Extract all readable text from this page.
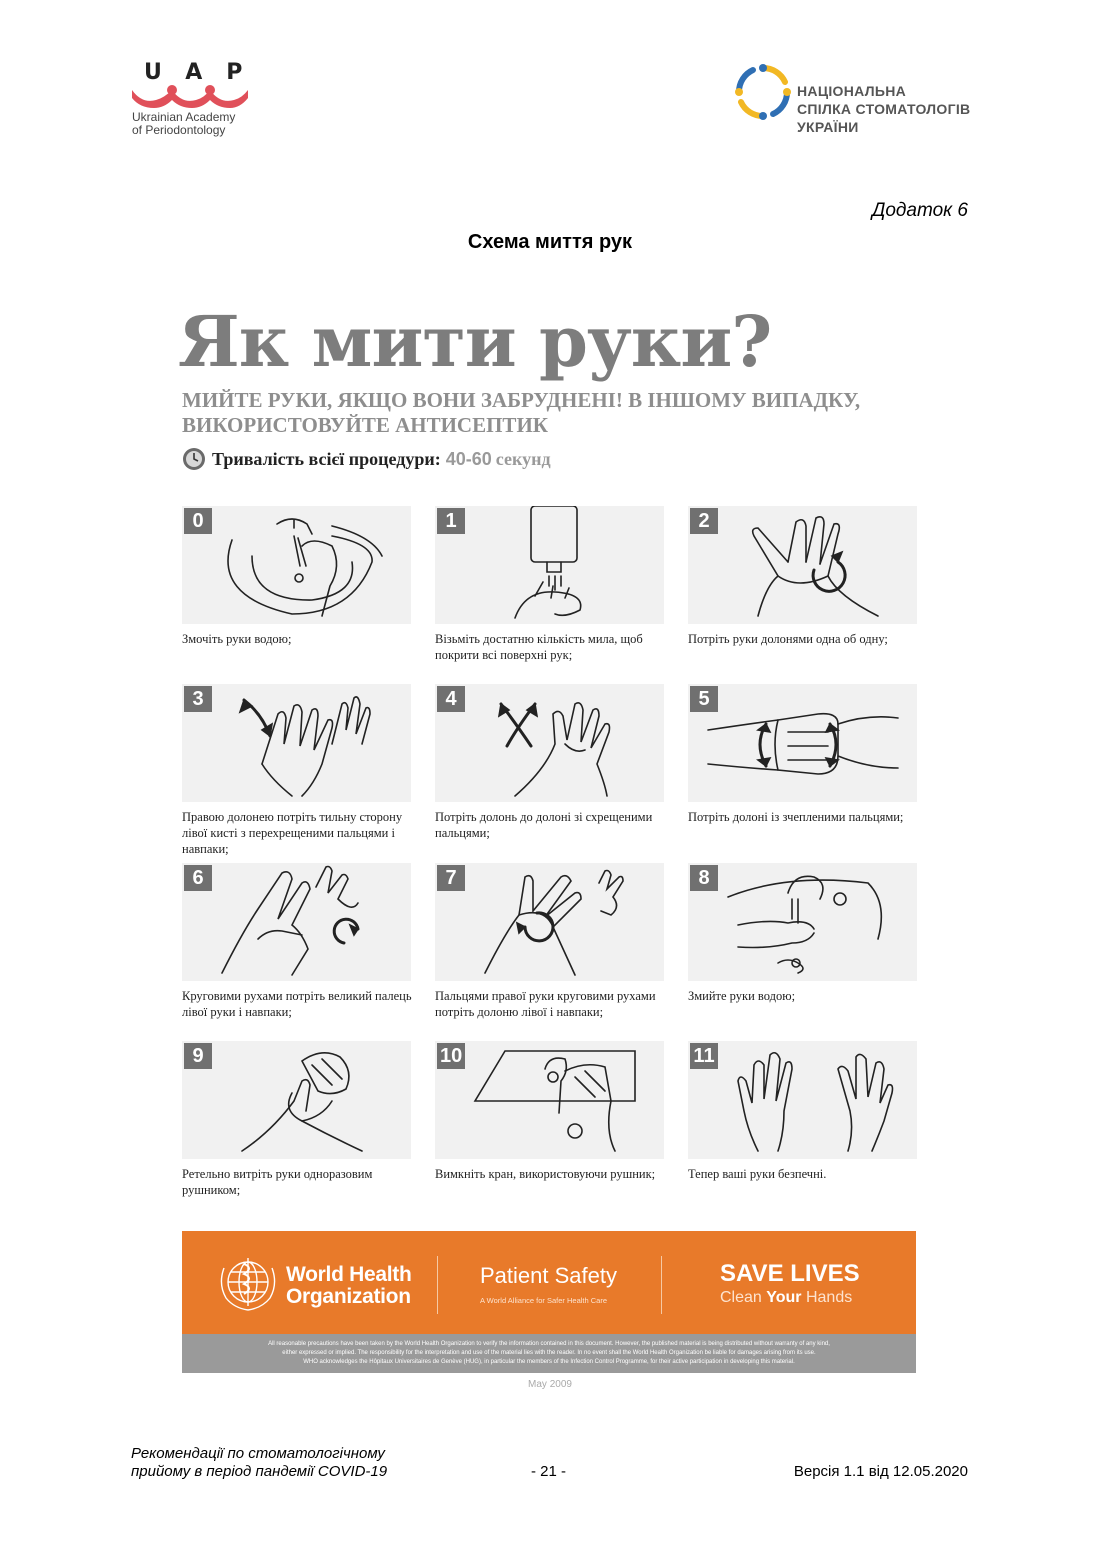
UAP
Ukrainian Academy
of Periodontology
НАЦІОНАЛЬНА
СПІЛКА СТОМАТОЛОГІВ
УКРАЇНИ
Додаток 6
Схема миття рук
Як мити руки?
МИЙТЕ РУКИ, ЯКЩО ВОНИ ЗАБРУДНЕНІ! В ІНШОМУ ВИПАДКУ, ВИКОРИСТОВУЙТЕ АНТИСЕПТИК
Тривалість всієї процедури: 40-60 секунд
0
Змочіть руки водою;
1
Візьміть достатню кількість мила, щоб покрити всі поверхні рук;
2
Потріть руки долонями одна об одну;
3
Правою долонею потріть тильну сторону лівої кисті з перехрещеними пальцями і навпаки;
4
Потріть долонь до долоні зі схрещеними пальцями;
5
Потріть долоні із зчепленими пальцями;
6
Круговими рухами потріть великий палець лівої руки і навпаки;
7
Пальцями правої руки круговими рухами потріть долоню лівої і навпаки;
8
Змийте руки водою;
9
Ретельно витріть руки одноразовим рушником;
10
Вимкніть кран, використовуючи рушник;
11
Тепер ваші руки безпечні.
World Health
Organization
Patient Safety
A World Alliance for Safer Health Care
SAVE LIVES
Clean Your Hands
All reasonable precautions have been taken by the World Health Organization to verify the information contained in this document. However, the published material is being distributed without warranty of any kind,
either expressed or implied. The responsibility for the interpretation and use of the material lies with the reader. In no event shall the World Health Organization be liable for damages arising from its use.
WHO acknowledges the Hôpitaux Universitaires de Genève (HUG), in particular the members of the Infection Control Programme, for their active participation in developing this material.
May 2009
Рекомендації по стоматологічному
прийому в період пандемії COVID-19	- 21 -	Версія 1.1 від 12.05.2020
